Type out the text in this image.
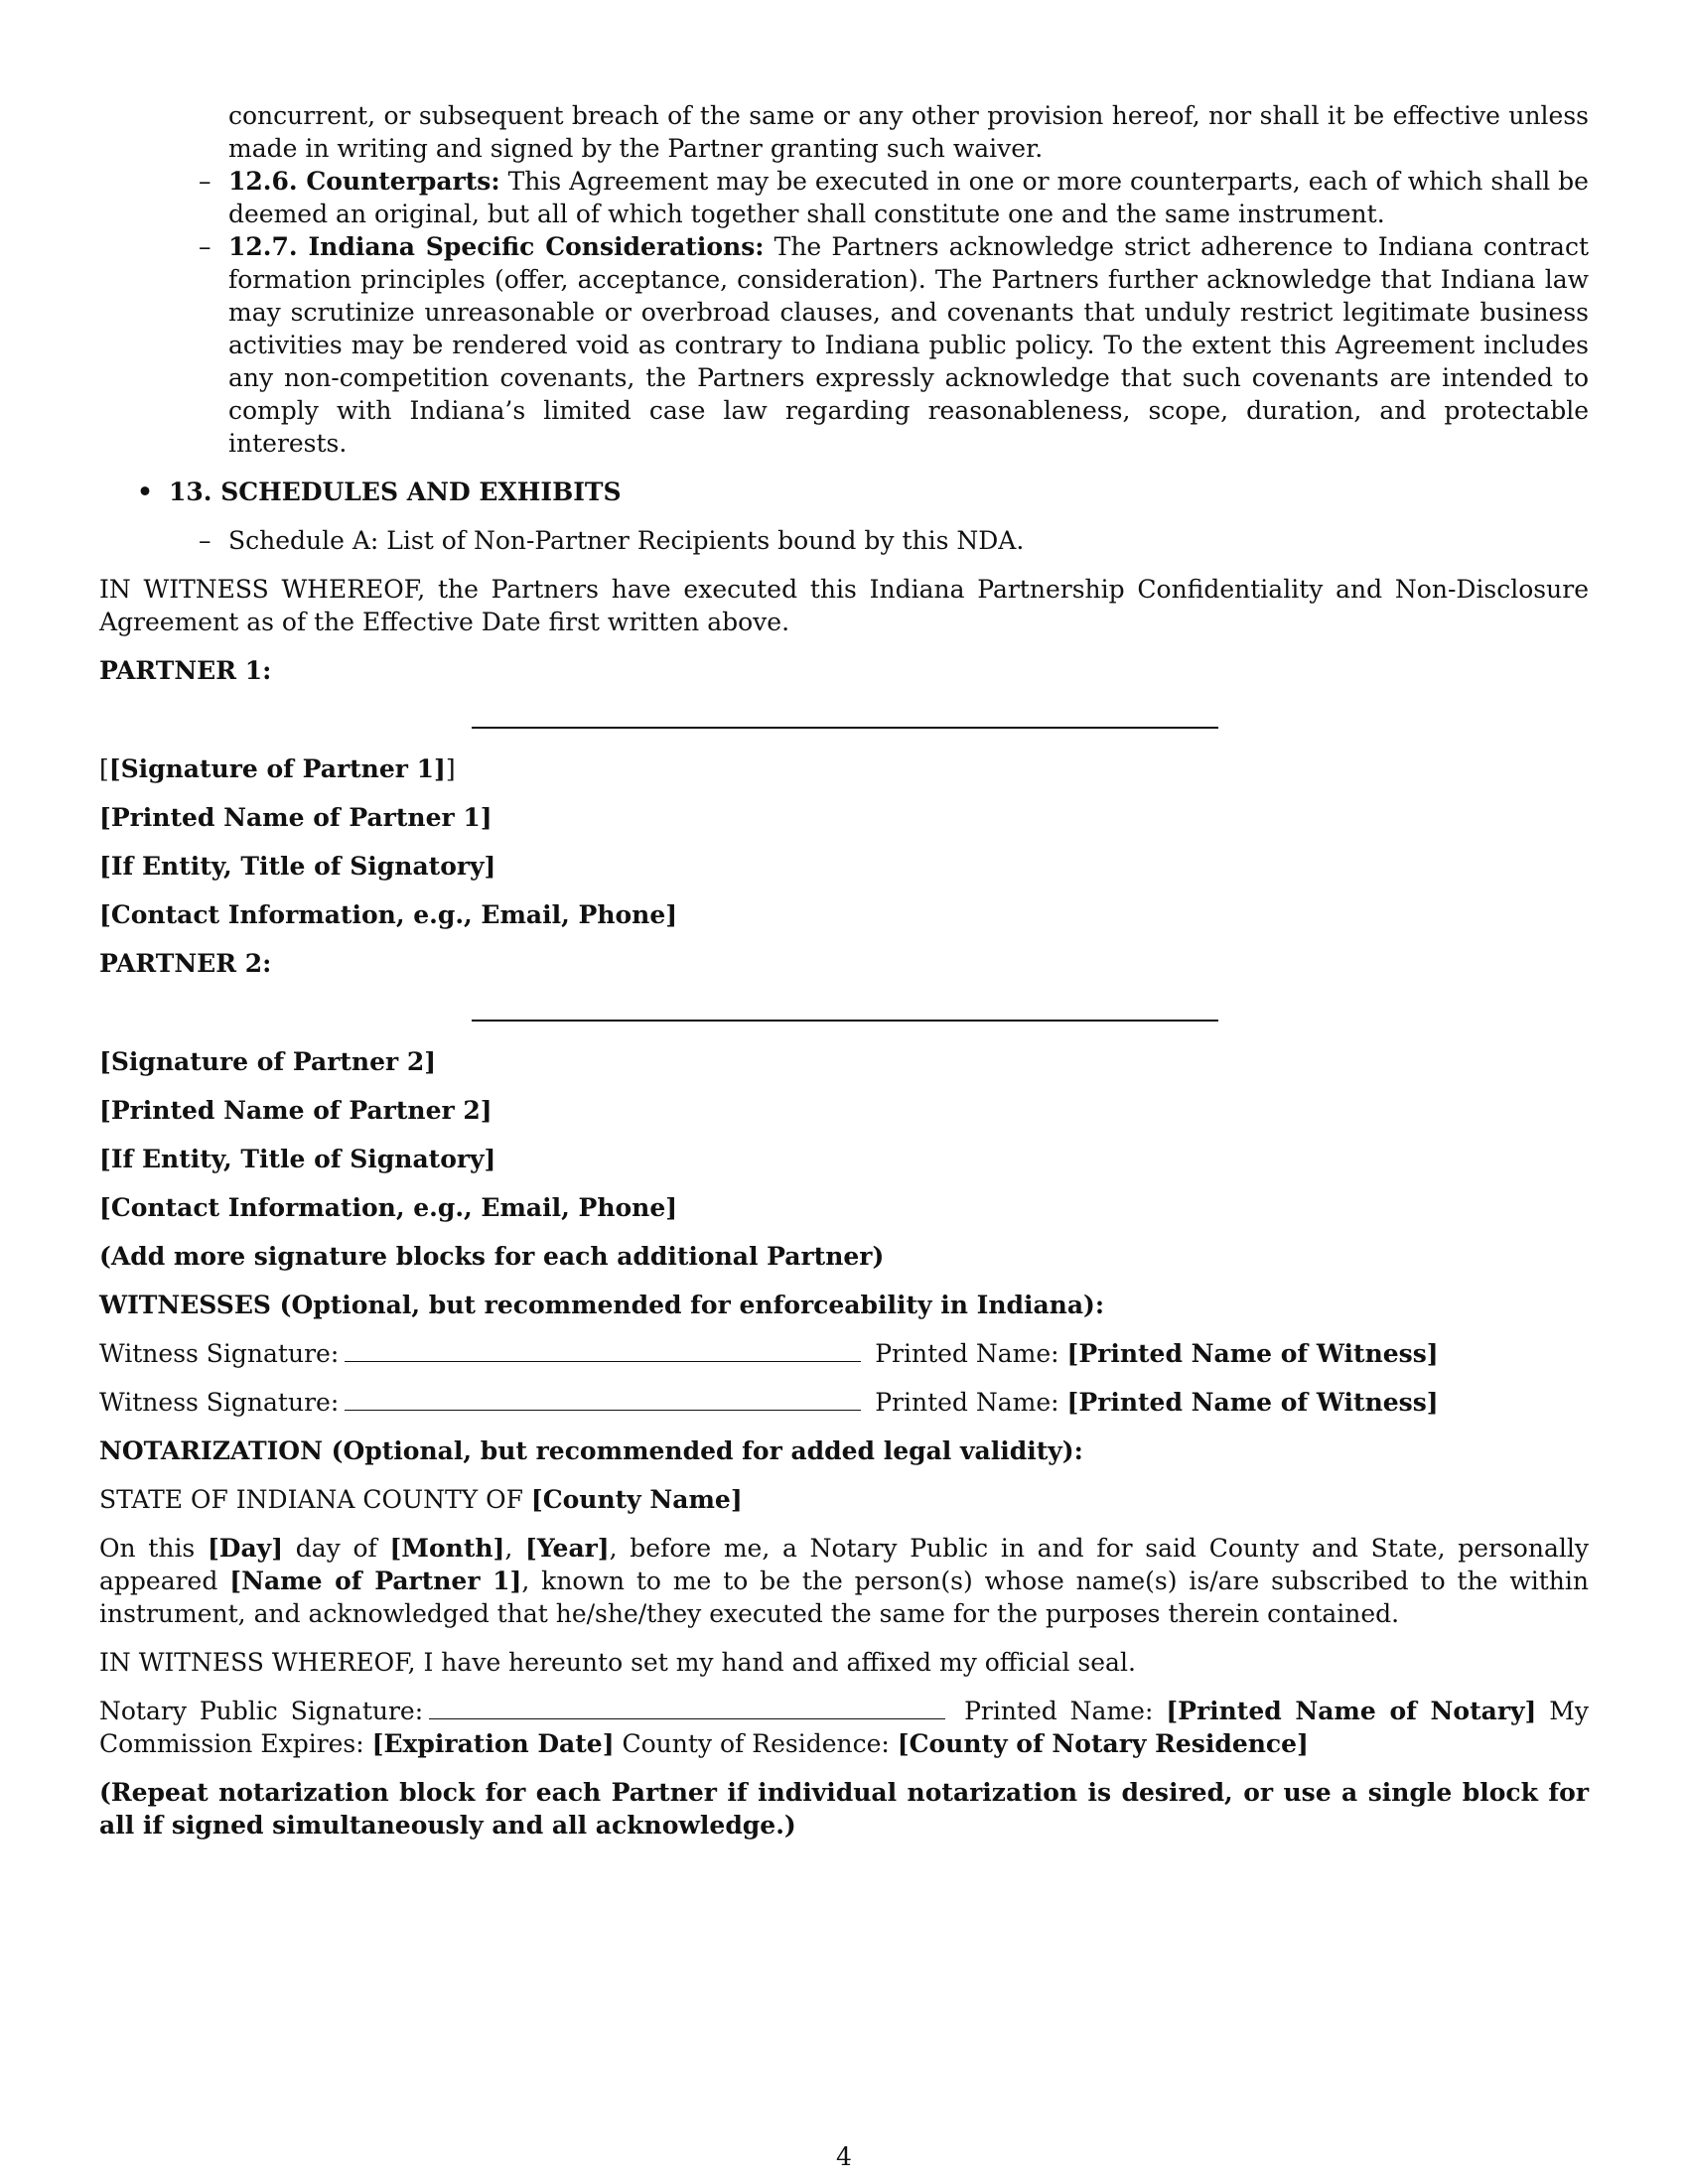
concurrent, or subsequent breach of the same or any other provision hereof, nor shall it be effective unless made in writing and signed by the Partner granting such waiver.

– 12.6. Counterparts: This Agreement may be executed in one or more counterparts, each of which shall be deemed an original, but all of which together shall constitute one and the same instrument.
– 12.7. Indiana Specific Considerations: The Partners acknowledge strict adherence to Indiana contract formation principles (offer, acceptance, consideration). The Partners further acknowledge that Indiana law may scrutinize unreasonable or overbroad clauses, and covenants that unduly restrict legitimate business activities may be rendered void as contrary to Indiana public policy. To the extent this Agreement includes any non-competition covenants, the Partners expressly acknowledge that such covenants are intended to comply with Indiana’s limited case law regarding reasonableness, scope, duration, and protectable interests.
• 13. SCHEDULES AND EXHIBITS
– Schedule A: List of Non-Partner Recipients bound by this NDA.

IN WITNESS WHEREOF, the Partners have executed this Indiana Partnership Confidentiality and Non-Disclosure Agreement as of the Effective Date first written above.

PARTNER 1:

[[Signature of Partner 1]]

[Printed Name of Partner 1]

[If Entity, Title of Signatory]

[Contact Information, e.g., Email, Phone]

PARTNER 2:

[Signature of Partner 2]

[Printed Name of Partner 2]

[If Entity, Title of Signatory]

[Contact Information, e.g., Email, Phone]

(Add more signature blocks for each additional Partner)

WITNESSES (Optional, but recommended for enforceability in Indiana):

Witness Signature:	Printed Name: [Printed Name of Witness]

Witness Signature:	Printed Name: [Printed Name of Witness]

NOTARIZATION (Optional, but recommended for added legal validity):

STATE OF INDIANA COUNTY OF [County Name]

On this [Day] day of [Month], [Year], before me, a Notary Public in and for said County and State, personally appeared [Name of Partner 1], known to me to be the person(s) whose name(s) is/are subscribed to the within instrument, and acknowledged that he/she/they executed the same for the purposes therein contained.

IN WITNESS WHEREOF, I have hereunto set my hand and affixed my official seal.

Notary Public Signature:	Printed Name: [Printed Name of Notary] My Commission Expires: [Expiration Date] County of Residence: [County of Notary Residence]

(Repeat notarization block for each Partner if individual notarization is desired, or use a single block for all if signed simultaneously and all acknowledge.)

4
